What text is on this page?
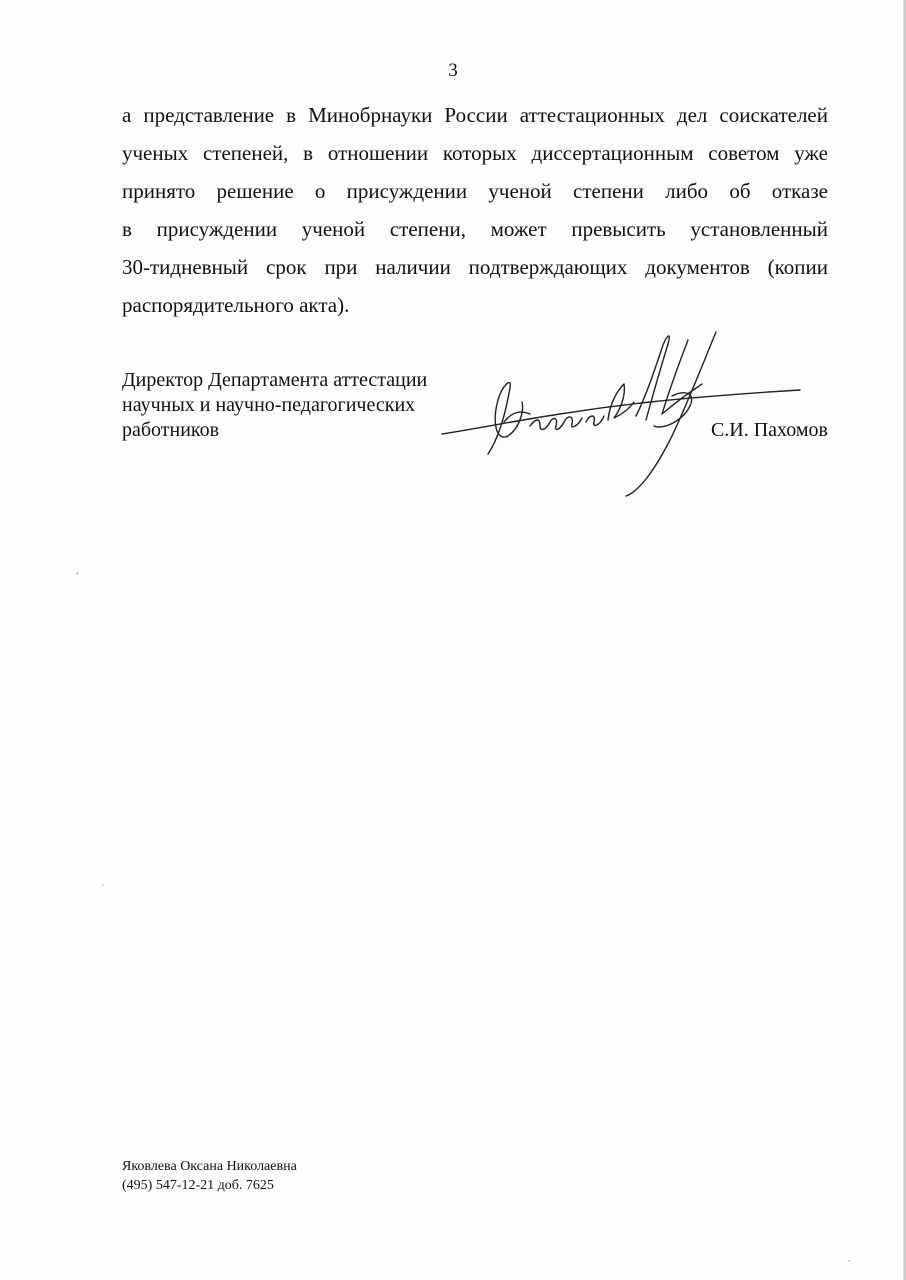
3

а представление в Минобрнауки России аттестационных дел соискателей
ученых степеней, в отношении которых диссертационным советом уже
принято решение о присуждении ученой степени либо об отказе
в присуждении ученой степени, может превысить установленный
30-тидневный срок при наличии подтверждающих документов (копии
распорядительного акта).

Директор Департамента аттестации
научных и научно-педагогических
работников	С.И. Пахомов
Яковлева Оксана Николаевна
(495) 547-12-21 доб. 7625
